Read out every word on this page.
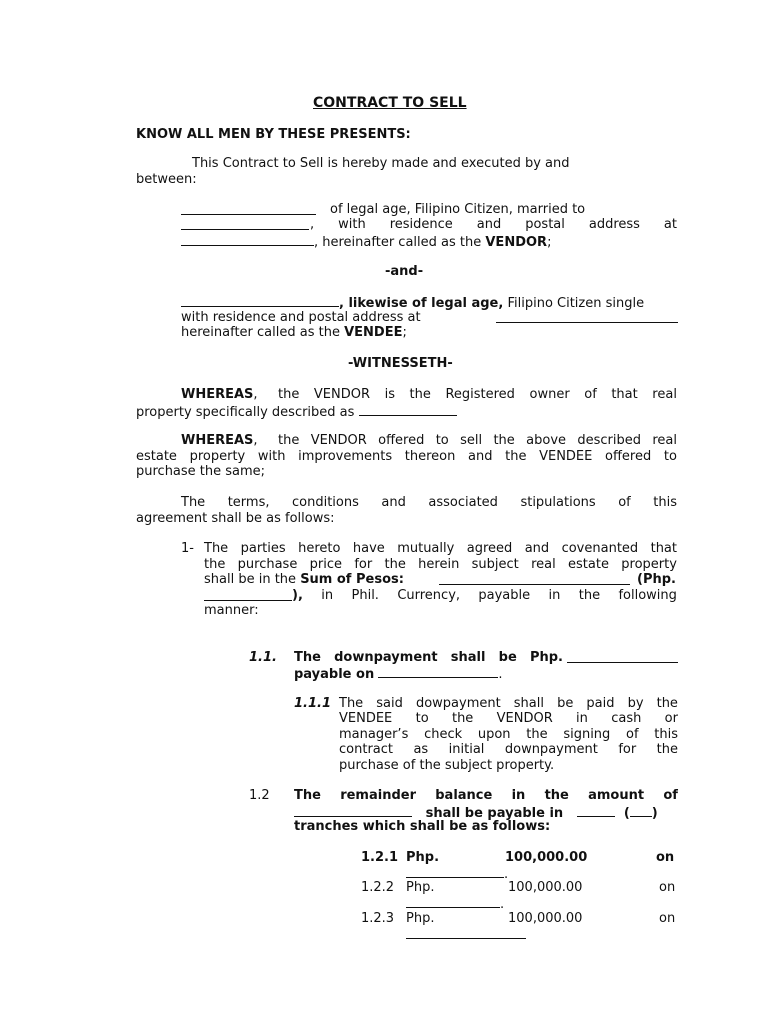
CONTRACT TO SELL
KNOW ALL MEN BY THESE PRESENTS:
This Contract to Sell is hereby made and executed by and
between:
of legal age, Filipino Citizen, married to
, with residence and postal address at
, hereinafter called as the VENDOR;
-and-
, likewise of legal age, Filipino Citizen single
with residence and postal address at
hereinafter called as the VENDEE;
-WITNESSETH-
WHEREAS, the VENDOR is the Registered owner of that real
property specifically described as
WHEREAS, the VENDOR offered to sell the above described real
estate property with improvements thereon and the VENDEE offered to
purchase the same;
The terms, conditions and associated stipulations of this
agreement shall be as follows:
1- The parties hereto have mutually agreed and covenanted that
the purchase price for the herein subject real estate property
shall be in the Sum of Pesos:	(Php.
), in Phil. Currency, payable in the following
manner:
1.1. The downpayment shall be Php.
payable on	.
1.1.1 The said dowpayment shall be paid by the
VENDEE to the VENDOR in cash or
manager’s check upon the signing of this
contract as initial downpayment for the
purchase of the subject property.
1.2 The remainder balance in the amount of
shall be payable in	( )
tranches which shall be as follows:
1.2.1 Php.	100,000.00	on
.
1.2.2 Php.	100,000.00	on
.
1.2.3 Php.	100,000.00	on
